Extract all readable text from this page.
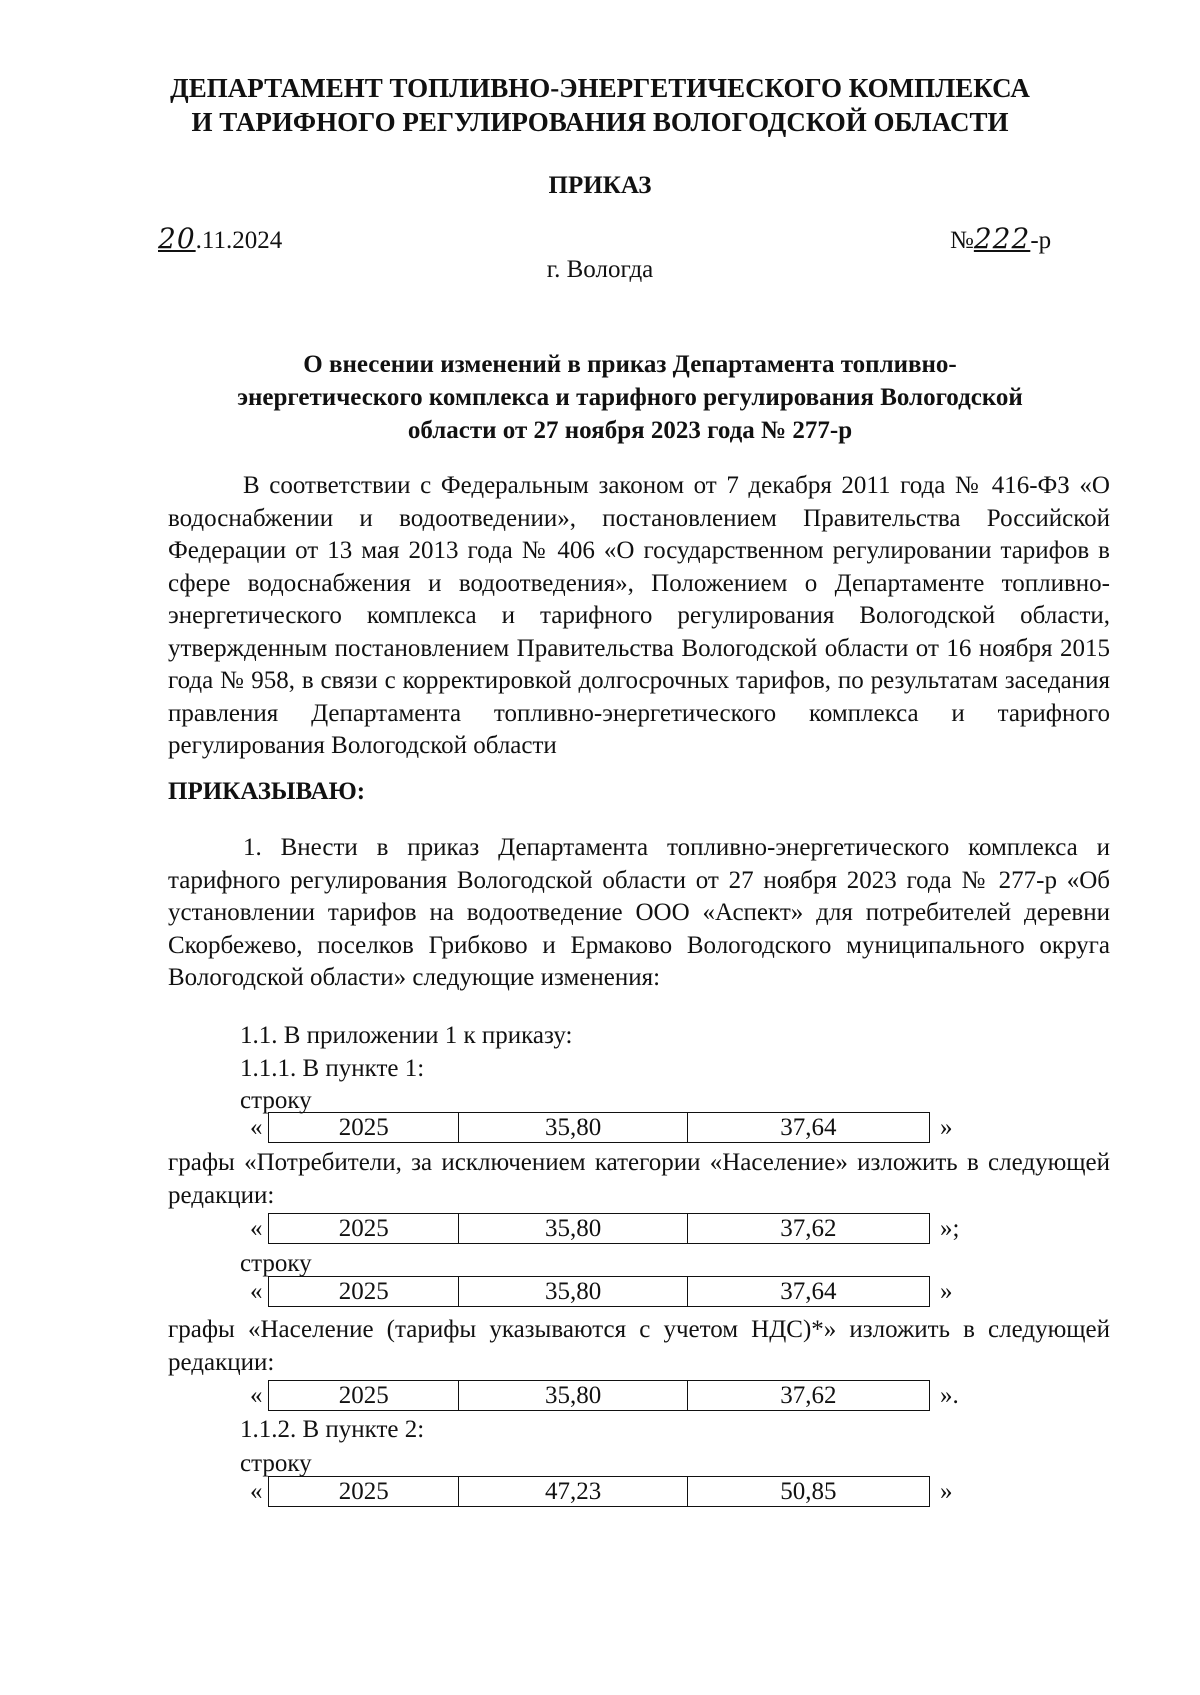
ДЕПАРТАМЕНТ ТОПЛИВНО-ЭНЕРГЕТИЧЕСКОГО КОМПЛЕКСА
И ТАРИФНОГО РЕГУЛИРОВАНИЯ ВОЛОГОДСКОЙ ОБЛАСТИ
ПРИКАЗ
20.11.2024	№222-р
г. Вологда
О внесении изменений в приказ Департамента топливно-
энергетического комплекса и тарифного регулирования Вологодской
области от 27 ноября 2023 года № 277-р

В соответствии с Федеральным законом от 7 декабря 2011 года № 416-ФЗ «О водоснабжении и водоотведении», постановлением Правительства Российской Федерации от 13 мая 2013 года № 406 «О государственном регулировании тарифов в сфере водоснабжения и водоотведения», Положением о Департаменте топливно-энергетического комплекса и тарифного регулирования Вологодской области, утвержденным постановлением Правительства Вологодской области от 16 ноября 2015 года № 958, в связи с корректировкой долгосрочных тарифов, по результатам заседания правления Департамента топливно-энергетического комплекса и тарифного регулирования Вологодской области

ПРИКАЗЫВАЮ:

1. Внести в приказ Департамента топливно-энергетического комплекса и тарифного регулирования Вологодской области от 27 ноября 2023 года № 277-р «Об установлении тарифов на водоотведение ООО «Аспект» для потребителей деревни Скорбежево, поселков Грибково и Ермаково Вологодского муниципального округа Вологодской области» следующие изменения:

1.1. В приложении 1 к приказу:
1.1.1. В пункте 1:
строку
«	2025	35,80	37,64	»

графы «Потребители, за исключением категории «Население» изложить в следующей редакции:

«	2025	35,80	37,62	»;
строку
«	2025	35,80	37,64	»

графы «Население (тарифы указываются с учетом НДС)*» изложить в следующей редакции:

«	2025	35,80	37,62	».
1.1.2. В пункте 2:
строку
«	2025	47,23	50,85	»
